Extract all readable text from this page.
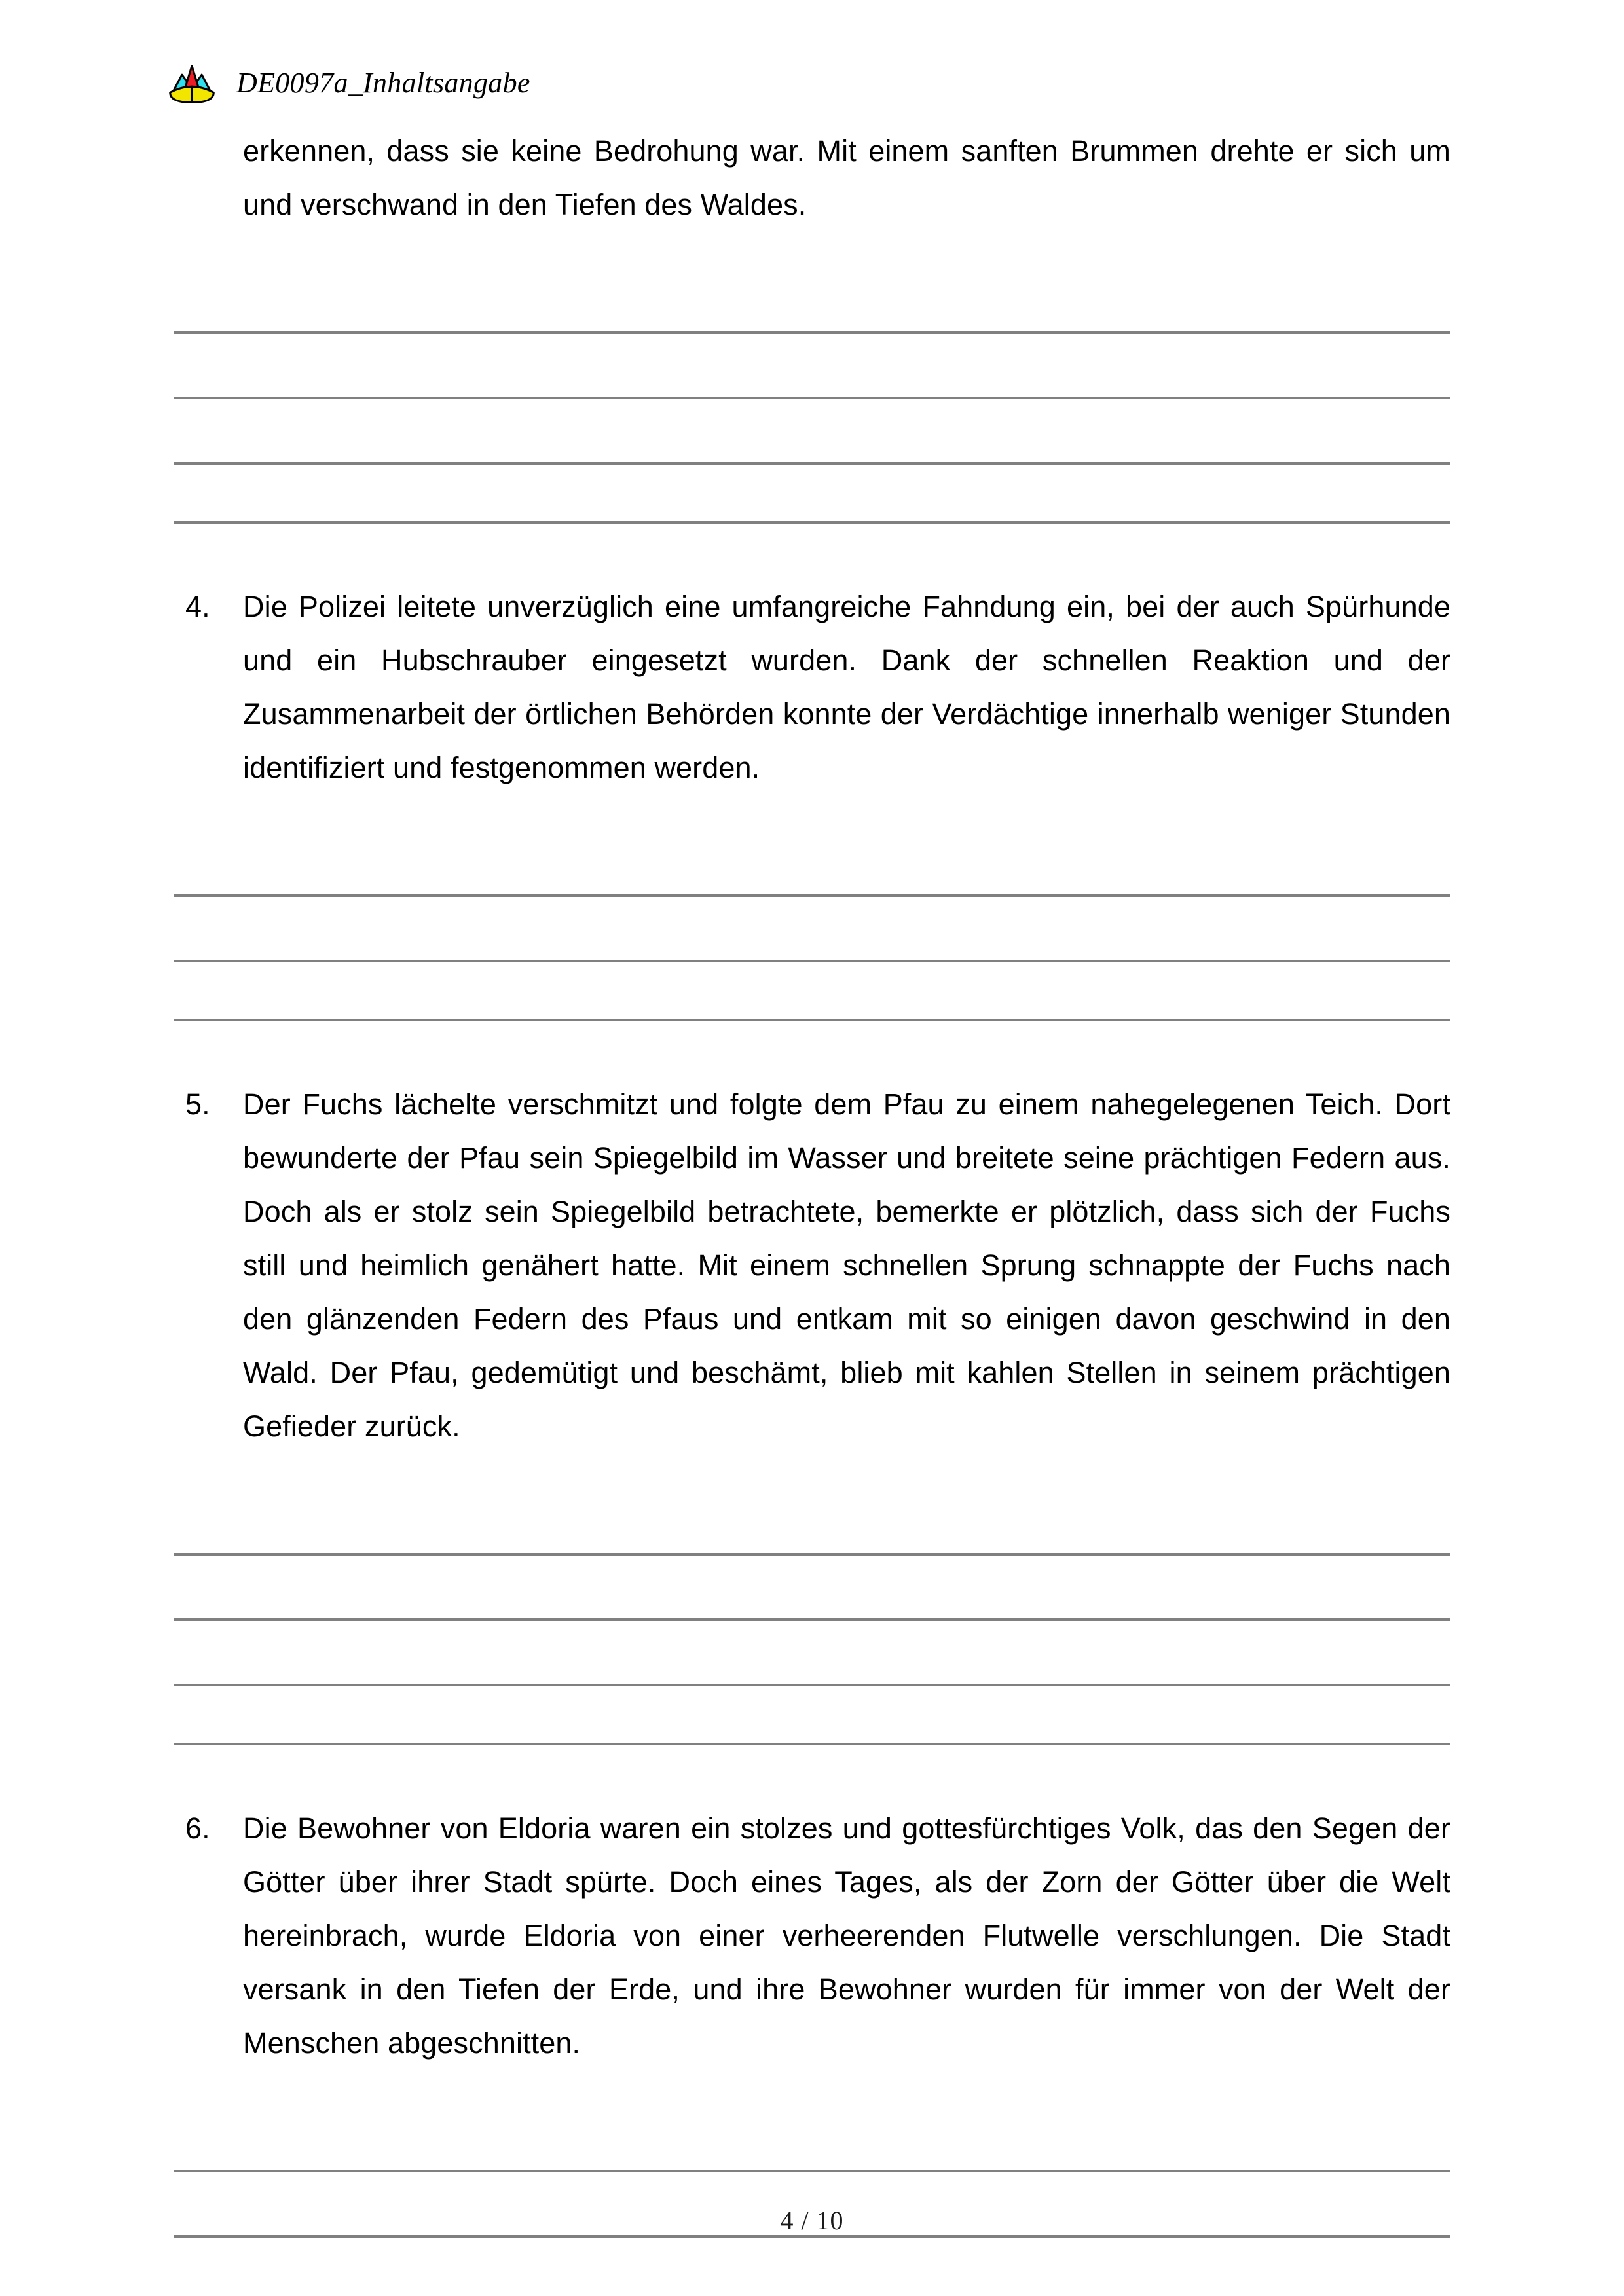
DE0097a_Inhaltsangabe

erkennen, dass sie keine Bedrohung war. Mit einem sanften Brummen drehte er sich um und verschwand in den Tiefen des Waldes.

4.	Die Polizei leitete unverzüglich eine umfangreiche Fahndung ein, bei der auch Spürhunde und ein Hubschrauber eingesetzt wurden. Dank der schnellen Reaktion und der Zusammenarbeit der örtlichen Behörden konnte der Verdächtige innerhalb weniger Stunden identifiziert und festgenommen werden.
5.	Der Fuchs lächelte verschmitzt und folgte dem Pfau zu einem nahegelegenen Teich. Dort bewunderte der Pfau sein Spiegelbild im Wasser und breitete seine prächtigen Federn aus. Doch als er stolz sein Spiegelbild betrachtete, bemerkte er plötzlich, dass sich der Fuchs still und heimlich genähert hatte. Mit einem schnellen Sprung schnappte der Fuchs nach den glänzenden Federn des Pfaus und entkam mit so einigen davon geschwind in den Wald. Der Pfau, gedemütigt und beschämt, blieb mit kahlen Stellen in seinem prächtigen Gefieder zurück.
6.	Die Bewohner von Eldoria waren ein stolzes und gottesfürchtiges Volk, das den Segen der Götter über ihrer Stadt spürte. Doch eines Tages, als der Zorn der Götter über die Welt hereinbrach, wurde Eldoria von einer verheerenden Flutwelle verschlungen. Die Stadt versank in den Tiefen der Erde, und ihre Bewohner wurden für immer von der Welt der Menschen abgeschnitten.
4 / 10
